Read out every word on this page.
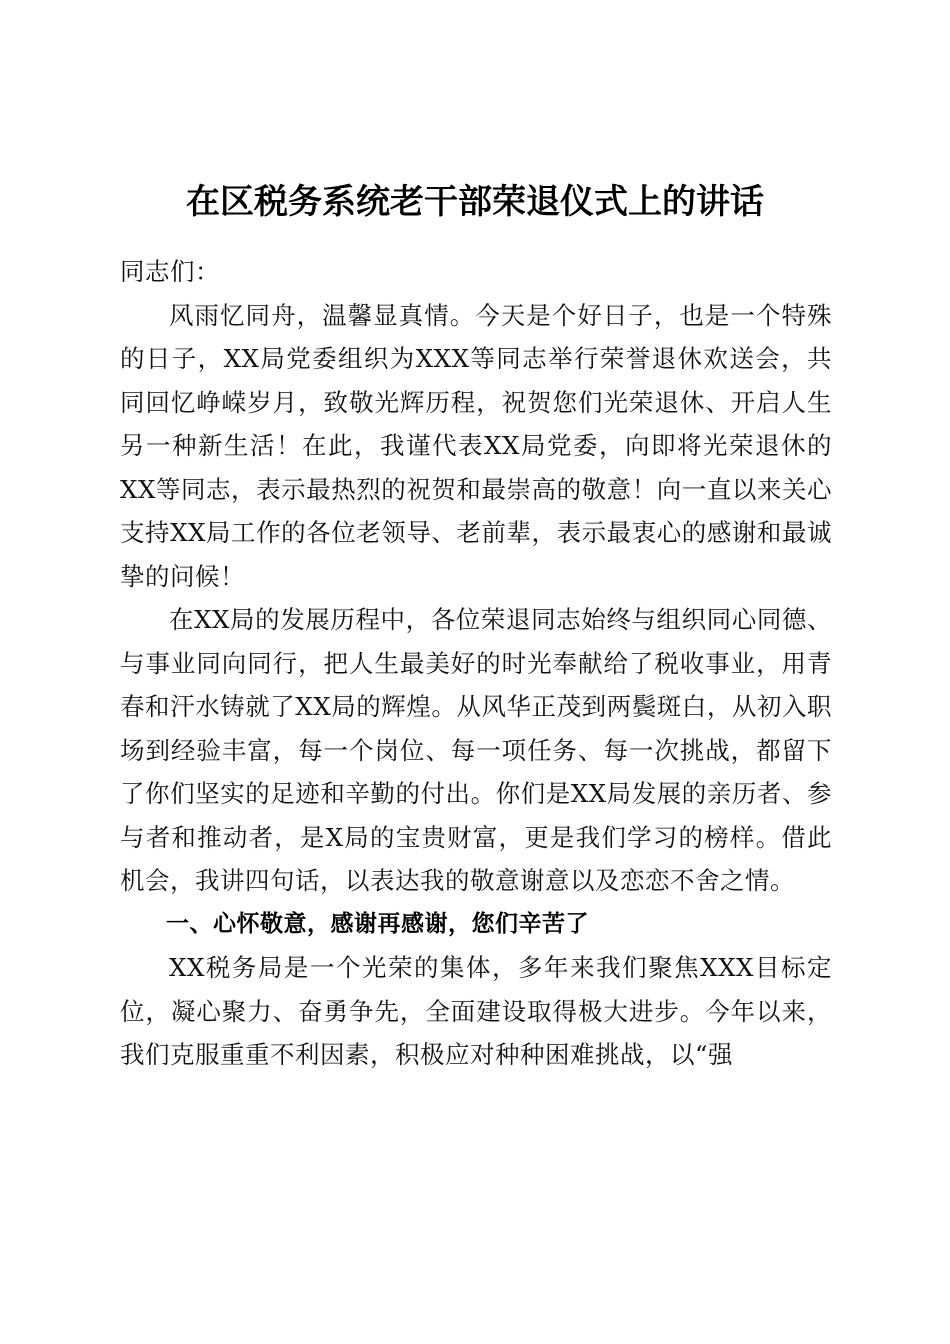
在区税务系统老干部荣退仪式上的讲话

同志们：

风雨忆同舟，温馨显真情。今天是个好日子，也是一个特殊的日子，XX局党委组织为XXX等同志举行荣誉退休欢送会，共同回忆峥嵘岁月，致敬光辉历程，祝贺您们光荣退休、开启人生另一种新生活！在此，我谨代表XX局党委，向即将光荣退休的XX等同志，表示最热烈的祝贺和最崇高的敬意！向一直以来关心支持XX局工作的各位老领导、老前辈，表示最衷心的感谢和最诚挚的问候！

在XX局的发展历程中，各位荣退同志始终与组织同心同德、与事业同向同行，把人生最美好的时光奉献给了税收事业，用青春和汗水铸就了XX局的辉煌。从风华正茂到两鬓斑白，从初入职场到经验丰富，每一个岗位、每一项任务、每一次挑战，都留下了你们坚实的足迹和辛勤的付出。你们是XX局发展的亲历者、参与者和推动者，是X局的宝贵财富，更是我们学习的榜样。借此机会，我讲四句话，以表达我的敬意谢意以及恋恋不舍之情。

一、心怀敬意，感谢再感谢，您们辛苦了

XX税务局是一个光荣的集体，多年来我们聚焦XXX目标定位，凝心聚力、奋勇争先，全面建设取得极大进步。今年以来，我们克服重重不利因素，积极应对种种困难挑战，以“强
